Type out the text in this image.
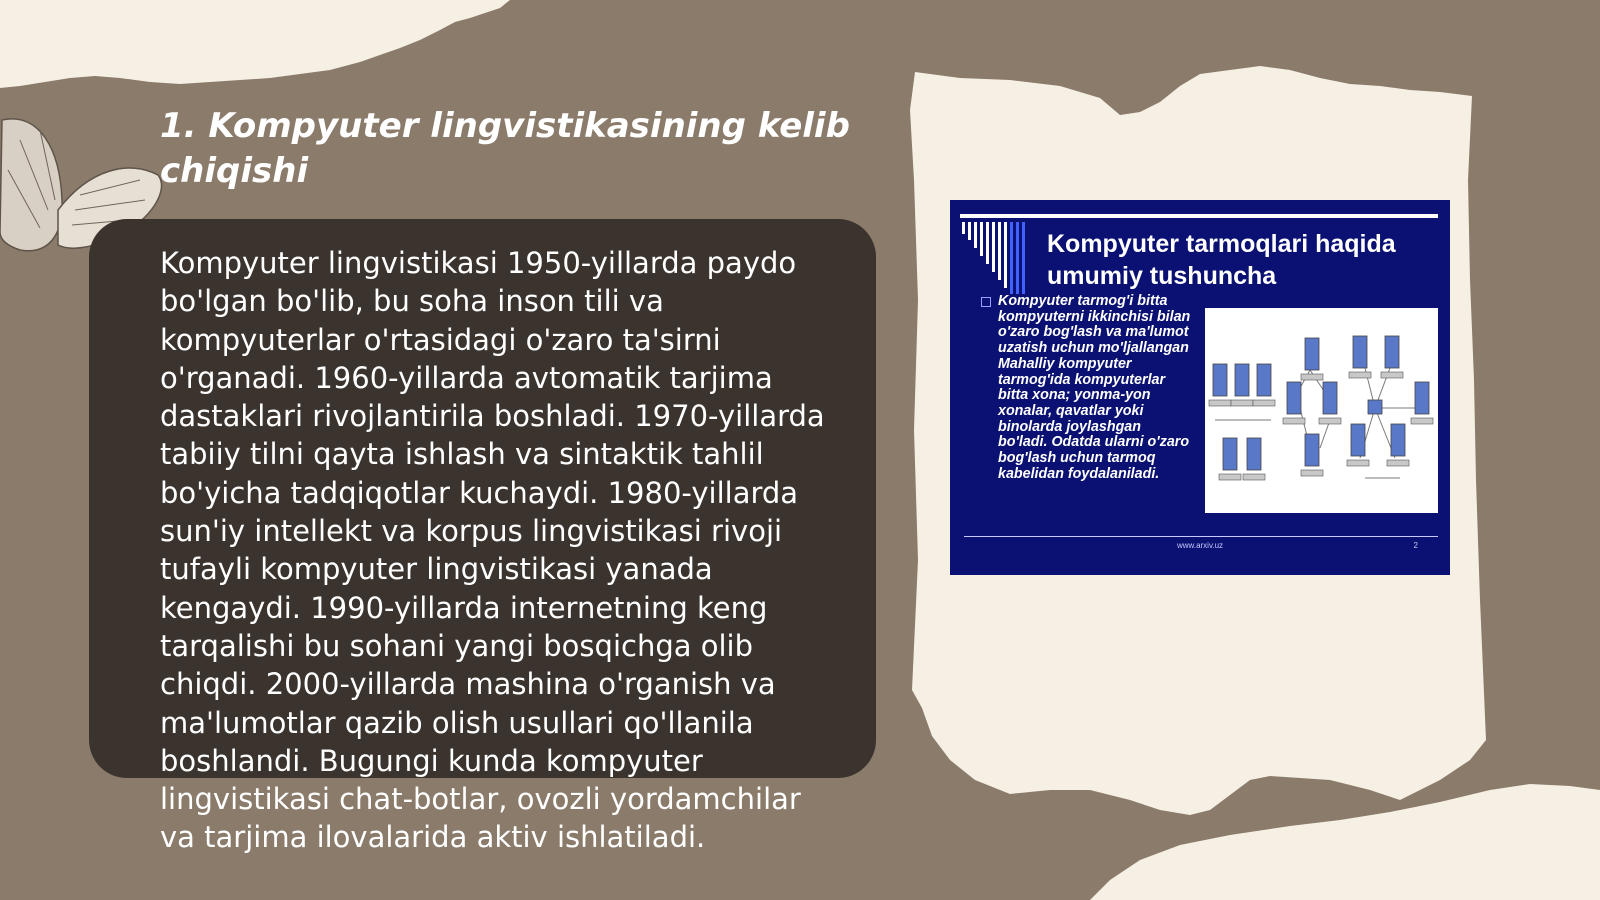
1. Kompyuter lingvistikasining kelib chiqishi

Kompyuter lingvistikasi 1950-yillarda paydo bo'lgan bo'lib, bu soha inson tili va kompyuterlar o'rtasidagi o'zaro ta'sirni o'rganadi. 1960-yillarda avtomatik tarjima dastaklari rivojlantirila boshladi. 1970-yillarda tabiiy tilni qayta ishlash va sintaktik tahlil bo'yicha tadqiqotlar kuchaydi. 1980-yillarda sun'iy intellekt va korpus lingvistikasi rivoji tufayli kompyuter lingvistikasi yanada kengaydi. 1990-yillarda internetning keng tarqalishi bu sohani yangi bosqichga olib chiqdi. 2000-yillarda mashina o'rganish va ma'lumotlar qazib olish usullari qo'llanila boshlandi. Bugungi kunda kompyuter lingvistikasi chat-botlar, ovozli yordamchilar va tarjima ilovalarida aktiv ishlatiladi.

Kompyuter tarmoqlari haqida umumiy tushuncha

Kompyuter tarmog'i bitta kompyuterni ikkinchisi bilan o'zaro bog'lash va ma'lumot uzatish uchun mo'ljallangan Mahalliy kompyuter tarmog'ida kompyuterlar bitta xona; yonma-yon xonalar, qavatlar yoki binolarda joylashgan bo'ladi. Odatda ularni o'zaro bog'lash uchun tarmoq kabelidan foydalaniladi.

www.arxiv.uz	2
